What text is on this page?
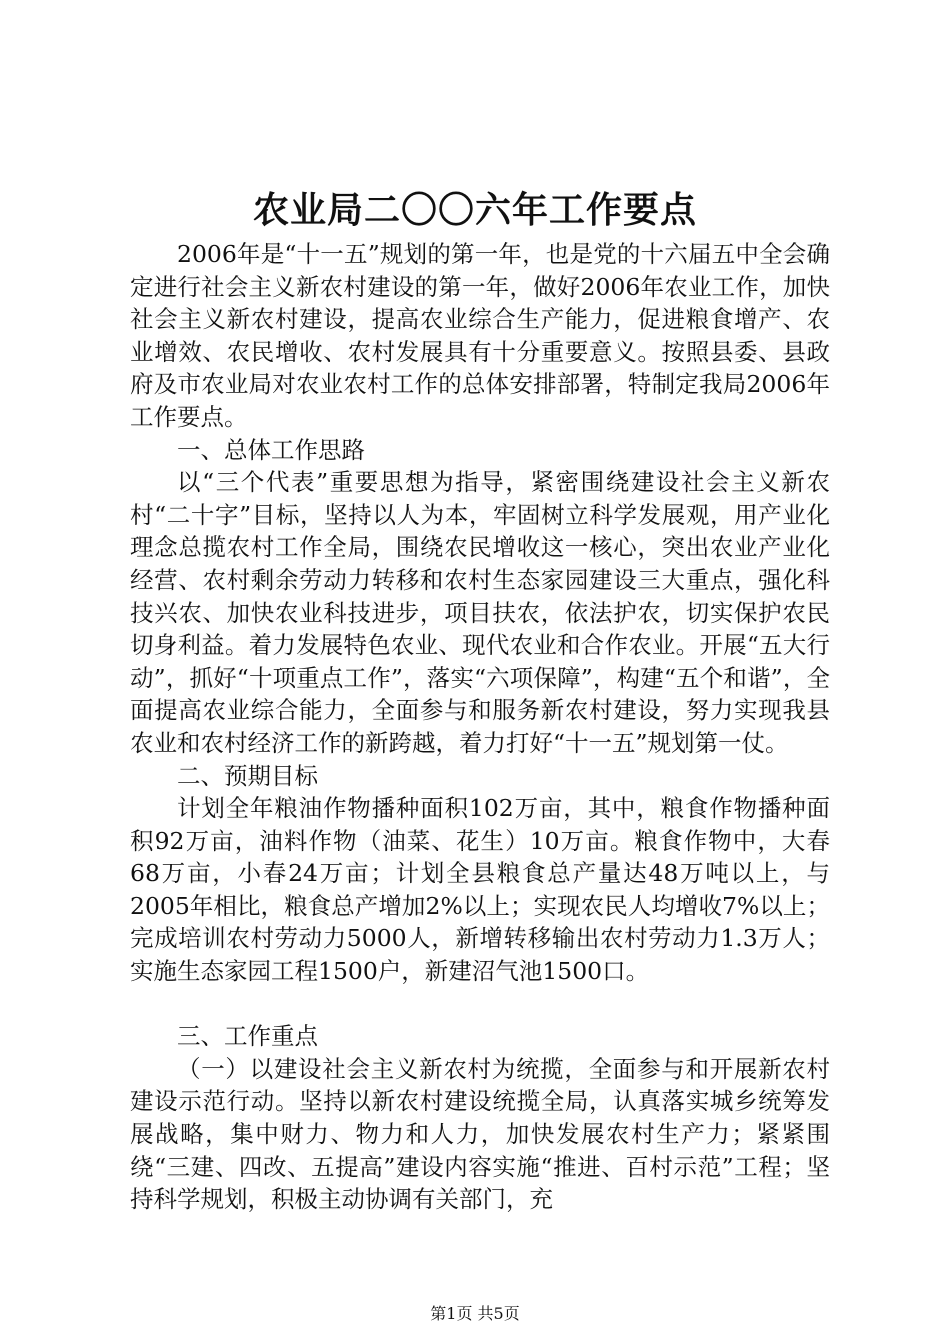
农业局二〇〇六年工作要点

2006年是“十一五”规划的第一年，也是党的十六届五中全会确定进行社会主义新农村建设的第一年，做好2006年农业工作，加快社会主义新农村建设，提高农业综合生产能力，促进粮食增产、农业增效、农民增收、农村发展具有十分重要意义。按照县委、县政府及市农业局对农业农村工作的总体安排部署，特制定我局2006年工作要点。

一、总体工作思路

以“三个代表”重要思想为指导，紧密围绕建设社会主义新农村“二十字”目标，坚持以人为本，牢固树立科学发展观，用产业化理念总揽农村工作全局，围绕农民增收这一核心，突出农业产业化经营、农村剩余劳动力转移和农村生态家园建设三大重点，强化科技兴农、加快农业科技进步，项目扶农，依法护农，切实保护农民切身利益。着力发展特色农业、现代农业和合作农业。开展“五大行动”，抓好“十项重点工作”，落实“六项保障”，构建“五个和谐”，全面提高农业综合能力，全面参与和服务新农村建设，努力实现我县农业和农村经济工作的新跨越，着力打好“十一五”规划第一仗。

二、预期目标

计划全年粮油作物播种面积102万亩，其中，粮食作物播种面积92万亩，油料作物（油菜、花生）10万亩。粮食作物中，大春68万亩，小春24万亩；计划全县粮食总产量达48万吨以上，与2005年相比，粮食总产增加2%以上；实现农民人均增收7%以上；完成培训农村劳动力5000人，新增转移输出农村劳动力1.3万人；实施生态家园工程1500户，新建沼气池1500口。

三、工作重点

（一）以建设社会主义新农村为统揽，全面参与和开展新农村建设示范行动。坚持以新农村建设统揽全局，认真落实城乡统筹发展战略，集中财力、物力和人力，加快发展农村生产力；紧紧围绕“三建、四改、五提高”建设内容实施“推进、百村示范”工程；坚持科学规划，积极主动协调有关部门，充

第1页 共5页
